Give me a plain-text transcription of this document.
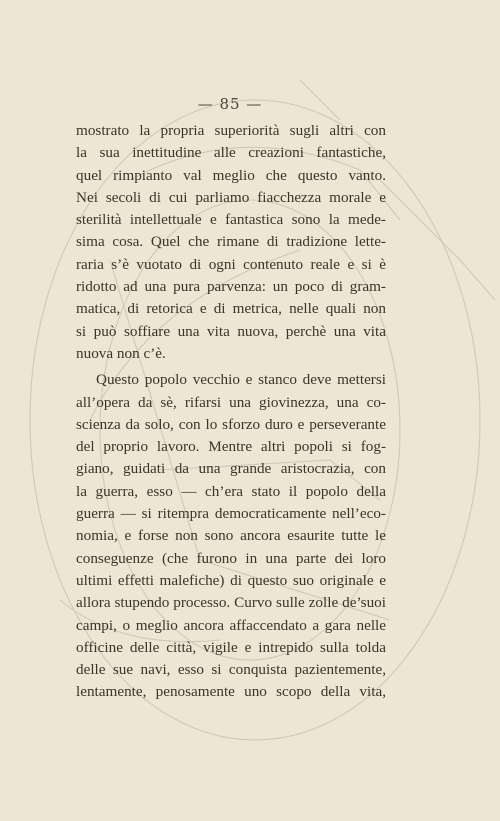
— 85 —
mostrato la propria superiorità sugli altri con
la sua inettitudine alle creazioni fantastiche,
quel rimpianto val meglio che questo vanto.
Nei secoli di cui parliamo fiacchezza morale e
sterilità intellettuale e fantastica sono la mede-
sima cosa. Quel che rimane di tradizione lette-
raria s’è vuotato di ogni contenuto reale e si è
ridotto ad una pura parvenza: un poco di gram-
matica, di retorica e di metrica, nelle quali non
si può soffiare una vita nuova, perchè una vita
nuova non c’è.
Questo popolo vecchio e stanco deve mettersi
all’opera da sè, rifarsi una giovinezza, una co-
scienza da solo, con lo sforzo duro e perseverante
del proprio lavoro. Mentre altri popoli si fog-
giano, guidati da una grande aristocrazia, con
la guerra, esso — ch’era stato il popolo della
guerra — si ritempra democraticamente nell’eco-
nomia, e forse non sono ancora esaurite tutte le
conseguenze (che furono in una parte dei loro
ultimi effetti malefiche) di questo suo originale e
allora stupendo processo. Curvo sulle zolle de’suoi
campi, o meglio ancora affaccendato a gara nelle
officine delle città, vigile e intrepido sulla tolda
delle sue navi, esso si conquista pazientemente,
lentamente, penosamente uno scopo della vita,
